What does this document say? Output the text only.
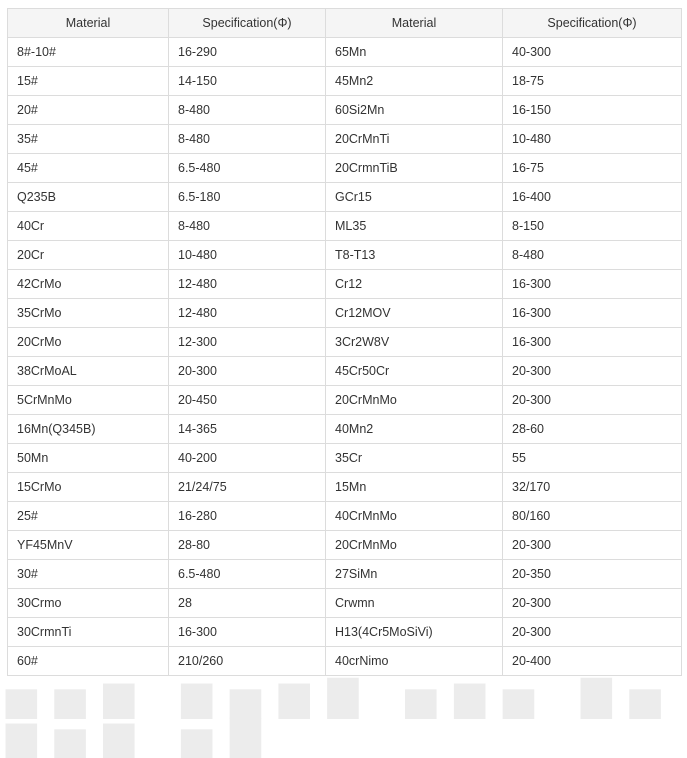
Material	Specification(Φ)	Material	Specification(Φ)
8#-10#	16-290	65Mn	40-300
15#	14-150	45Mn2	18-75
20#	8-480	60Si2Mn	16-150
35#	8-480	20CrMnTi	10-480
45#	6.5-480	20CrmnTiB	16-75
Q235B	6.5-180	GCr15	16-400
40Cr	8-480	ML35	8-150
20Cr	10-480	T8-T13	8-480
42CrMo	12-480	Cr12	16-300
35CrMo	12-480	Cr12MOV	16-300
20CrMo	12-300	3Cr2W8V	16-300
38CrMoAL	20-300	45Cr50Cr	20-300
5CrMnMo	20-450	20CrMnMo	20-300
16Mn(Q345B)	14-365	40Mn2	28-60
50Mn	40-200	35Cr	55
15CrMo	21/24/75	15Mn	32/170
25#	16-280	40CrMnMo	80/160
YF45MnV	28-80	20CrMnMo	20-300
30#	6.5-480	27SiMn	20-350
30Crmo	28	Crwmn	20-300
30CrmnTi	16-300	H13(4Cr5MoSiVi)	20-300
60#	210/260	40crNimo	20-400
▅▅▆ ▆▅▆▇ ▅▆▅ ▇▅ ▆▅▆ ▅▇
